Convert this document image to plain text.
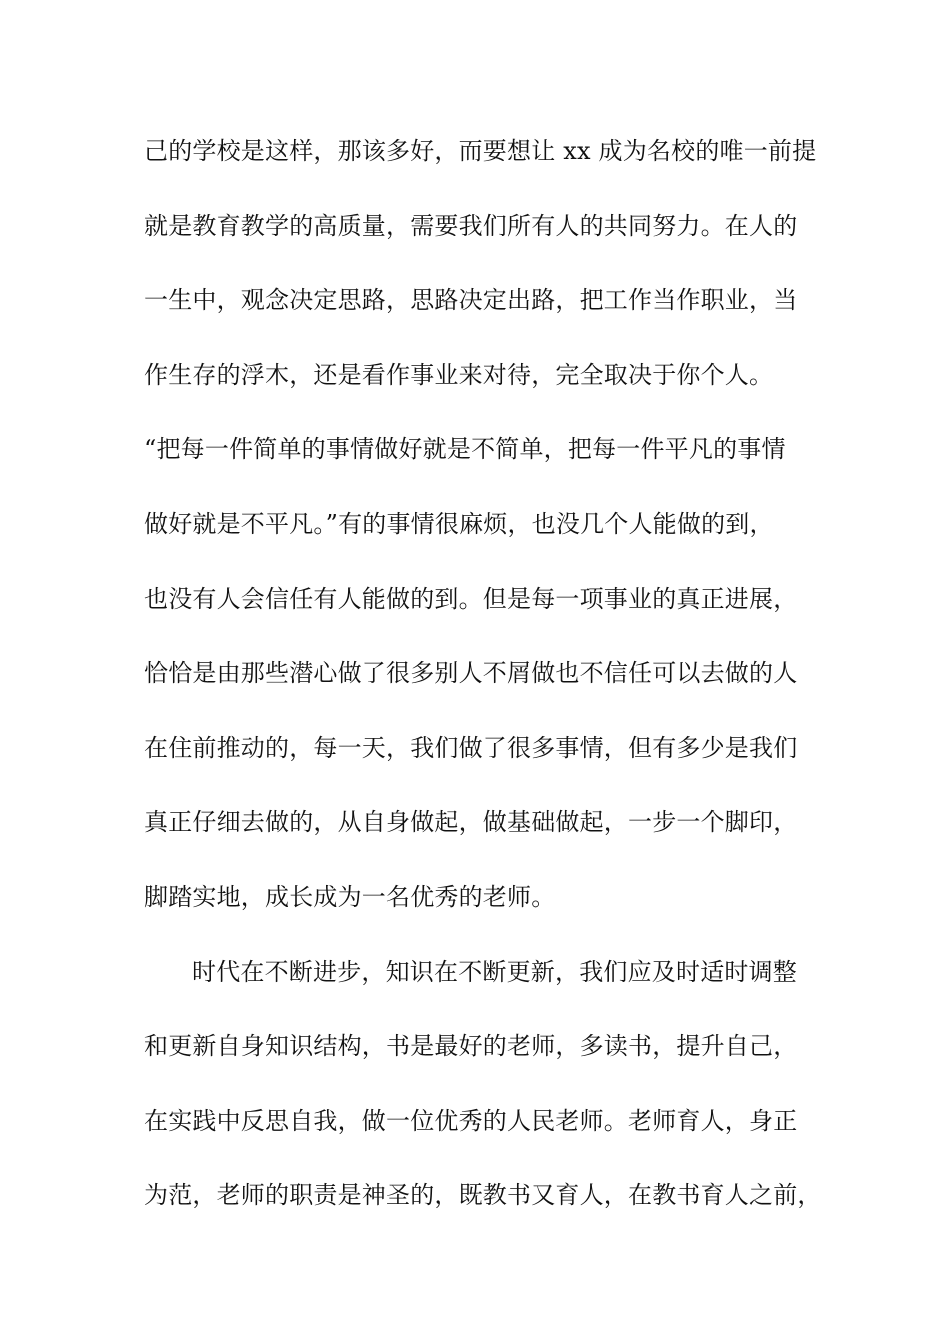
己的学校是这样，那该多好，而要想让 xx 成为名校的唯一前提
就是教育教学的高质量，需要我们所有人的共同努力。在人的
一生中，观念决定思路，思路决定出路，把工作当作职业，当
作生存的浮木，还是看作事业来对待，完全取决于你个人。
“把每一件简单的事情做好就是不简单，把每一件平凡的事情
做好就是不平凡。”有的事情很麻烦，也没几个人能做的到，
也没有人会信任有人能做的到。但是每一项事业的真正进展，
恰恰是由那些潜心做了很多别人不屑做也不信任可以去做的人
在住前推动的，每一天，我们做了很多事情，但有多少是我们
真正仔细去做的，从自身做起，做基础做起，一步一个脚印，
脚踏实地，成长成为一名优秀的老师。
时代在不断进步，知识在不断更新，我们应及时适时调整
和更新自身知识结构，书是最好的老师，多读书，提升自己，
在实践中反思自我，做一位优秀的人民老师。老师育人，身正
为范，老师的职责是神圣的，既教书又育人，在教书育人之前，
